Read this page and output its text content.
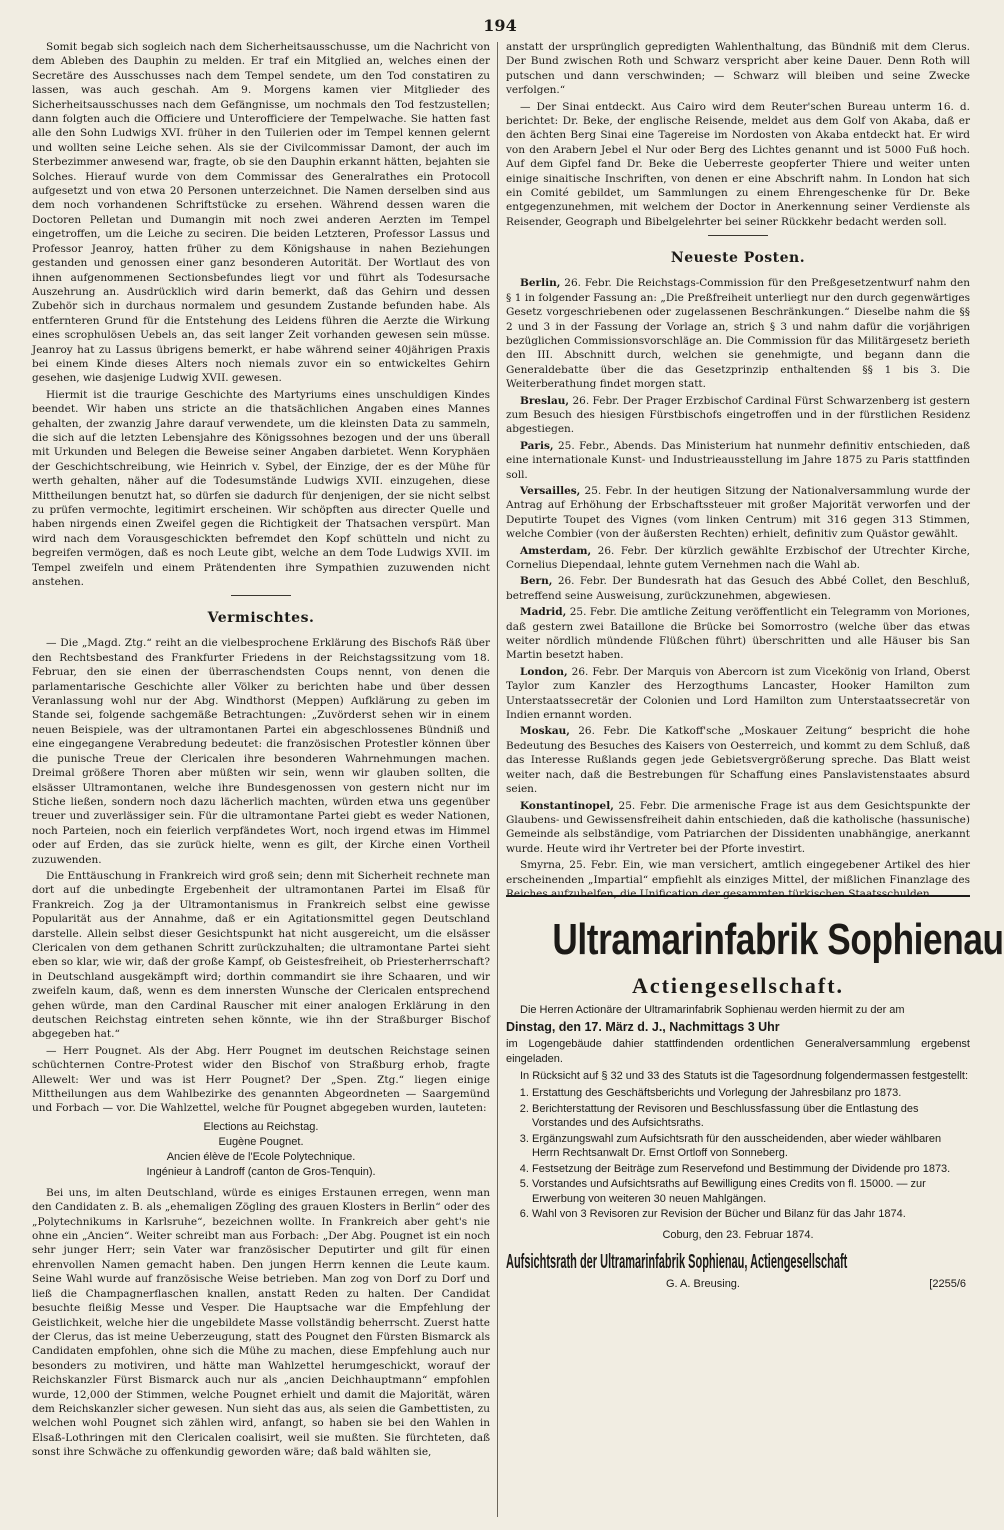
194

Somit begab sich sogleich nach dem Sicherheitsausschusse, um die Nachricht von dem Ableben des Dauphin zu melden. Er traf ein Mitglied an, welches einen der Secretäre des Ausschusses nach dem Tempel sendete, um den Tod constatiren zu lassen, was auch geschah. Am 9. Morgens kamen vier Mitglieder des Sicherheitsausschusses nach dem Gefängnisse, um nochmals den Tod festzustellen; dann folgten auch die Officiere und Unterofficiere der Tempelwache. Sie hatten fast alle den Sohn Ludwigs XVI. früher in den Tuilerien oder im Tempel kennen gelernt und wollten seine Leiche sehen. Als sie der Civilcommissar Damont, der auch im Sterbezimmer anwesend war, fragte, ob sie den Dauphin erkannt hätten, bejahten sie Solches. Hierauf wurde von dem Commissar des Generalrathes ein Protocoll aufgesetzt und von etwa 20 Personen unterzeichnet. Die Namen derselben sind aus dem noch vorhandenen Schriftstücke zu ersehen. Während dessen waren die Doctoren Pelletan und Dumangin mit noch zwei anderen Aerzten im Tempel eingetroffen, um die Leiche zu seciren. Die beiden Letzteren, Professor Lassus und Professor Jeanroy, hatten früher zu dem Königshause in nahen Beziehungen gestanden und genossen einer ganz besonderen Autorität. Der Wortlaut des von ihnen aufgenommenen Sectionsbefundes liegt vor und führt als Todesursache Auszehrung an. Ausdrücklich wird darin bemerkt, daß das Gehirn und dessen Zubehör sich in durchaus normalem und gesundem Zustande befunden habe. Als entfernteren Grund für die Entstehung des Leidens führen die Aerzte die Wirkung eines scrophulösen Uebels an, das seit langer Zeit vorhanden gewesen sein müsse. Jeanroy hat zu Lassus übrigens bemerkt, er habe während seiner 40jährigen Praxis bei einem Kinde dieses Alters noch niemals zuvor ein so entwickeltes Gehirn gesehen, wie dasjenige Ludwig XVII. gewesen.

Hiermit ist die traurige Geschichte des Martyriums eines unschuldigen Kindes beendet. Wir haben uns stricte an die thatsächlichen Angaben eines Mannes gehalten, der zwanzig Jahre darauf verwendete, um die kleinsten Data zu sammeln, die sich auf die letzten Lebensjahre des Königssohnes bezogen und der uns überall mit Urkunden und Belegen die Beweise seiner Angaben darbietet. Wenn Koryphäen der Geschichtschreibung, wie Heinrich v. Sybel, der Einzige, der es der Mühe für werth gehalten, näher auf die Todesumstände Ludwigs XVII. einzugehen, diese Mittheilungen benutzt hat, so dürfen sie dadurch für denjenigen, der sie nicht selbst zu prüfen vermochte, legitimirt erscheinen. Wir schöpften aus directer Quelle und haben nirgends einen Zweifel gegen die Richtigkeit der Thatsachen verspürt. Man wird nach dem Vorausgeschickten befremdet den Kopf schütteln und nicht zu begreifen vermögen, daß es noch Leute gibt, welche an dem Tode Ludwigs XVII. im Tempel zweifeln und einem Prätendenten ihre Sympathien zuzuwenden nicht anstehen.

Vermischtes.

— Die „Magd. Ztg.“ reiht an die vielbesprochene Erklärung des Bischofs Räß über den Rechtsbestand des Frankfurter Friedens in der Reichstagssitzung vom 18. Februar, den sie einen der überraschendsten Coups nennt, von denen die parlamentarische Geschichte aller Völker zu berichten habe und über dessen Veranlassung wohl nur der Abg. Windthorst (Meppen) Aufklärung zu geben im Stande sei, folgende sachgemäße Betrachtungen: „Zuvörderst sehen wir in einem neuen Beispiele, was der ultramontanen Partei ein abgeschlossenes Bündniß und eine eingegangene Verabredung bedeutet: die französischen Protestler können über die punische Treue der Clericalen ihre besonderen Wahrnehmungen machen. Dreimal größere Thoren aber müßten wir sein, wenn wir glauben sollten, die elsässer Ultramontanen, welche ihre Bundesgenossen von gestern nicht nur im Stiche ließen, sondern noch dazu lächerlich machten, würden etwa uns gegenüber treuer und zuverlässiger sein. Für die ultramontane Partei giebt es weder Nationen, noch Parteien, noch ein feierlich verpfändetes Wort, noch irgend etwas im Himmel oder auf Erden, das sie zurück hielte, wenn es gilt, der Kirche einen Vortheil zuzuwenden.

Die Enttäuschung in Frankreich wird groß sein; denn mit Sicherheit rechnete man dort auf die unbedingte Ergebenheit der ultramontanen Partei im Elsaß für Frankreich. Zog ja der Ultramontanismus in Frankreich selbst eine gewisse Popularität aus der Annahme, daß er ein Agitationsmittel gegen Deutschland darstelle. Allein selbst dieser Gesichtspunkt hat nicht ausgereicht, um die elsässer Clericalen von dem gethanen Schritt zurückzuhalten; die ultramontane Partei sieht eben so klar, wie wir, daß der große Kampf, ob Geistesfreiheit, ob Priesterherrschaft? in Deutschland ausgekämpft wird; dorthin commandirt sie ihre Schaaren, und wir zweifeln kaum, daß, wenn es dem innersten Wunsche der Clericalen entsprechend gehen würde, man den Cardinal Rauscher mit einer analogen Erklärung in den deutschen Reichstag eintreten sehen könnte, wie ihn der Straßburger Bischof abgegeben hat.“

— Herr Pougnet. Als der Abg. Herr Pougnet im deutschen Reichstage seinen schüchternen Contre-Protest wider den Bischof von Straßburg erhob, fragte Allewelt: Wer und was ist Herr Pougnet? Der „Spen. Ztg.“ liegen einige Mittheilungen aus dem Wahlbezirke des genannten Abgeordneten — Saargemünd und Forbach — vor. Die Wahlzettel, welche für Pougnet abgegeben wurden, lauteten:

Elections au Reichstag.

Eugène Pougnet.

Ancien élève de l'Ecole Polytechnique.

Ingénieur à Landroff (canton de Gros-Tenquin).

Bei uns, im alten Deutschland, würde es einiges Erstaunen erregen, wenn man den Candidaten z. B. als „ehemaligen Zögling des grauen Klosters in Berlin“ oder des „Polytechnikums in Karlsruhe“, bezeichnen wollte. In Frankreich aber geht's nie ohne ein „Ancien“. Weiter schreibt man aus Forbach: „Der Abg. Pougnet ist ein noch sehr junger Herr; sein Vater war französischer Deputirter und gilt für einen ehrenvollen Namen gemacht haben. Den jungen Herrn kennen die Leute kaum. Seine Wahl wurde auf französische Weise betrieben. Man zog von Dorf zu Dorf und ließ die Champagnerflaschen knallen, anstatt Reden zu halten. Der Candidat besuchte fleißig Messe und Vesper. Die Hauptsache war die Empfehlung der Geistlichkeit, welche hier die ungebildete Masse vollständig beherrscht. Zuerst hatte der Clerus, das ist meine Ueberzeugung, statt des Pougnet den Fürsten Bismarck als Candidaten empfohlen, ohne sich die Mühe zu machen, diese Empfehlung auch nur besonders zu motiviren, und hätte man Wahlzettel herumgeschickt, worauf der Reichskanzler Fürst Bismarck auch nur als „ancien Deichhauptmann“ empfohlen wurde, 12,000 der Stimmen, welche Pougnet erhielt und damit die Majorität, wären dem Reichskanzler sicher gewesen. Nun sieht das aus, als seien die Gambettisten, zu welchen wohl Pougnet sich zählen wird, anfangt, so haben sie bei den Wahlen in Elsaß-Lothringen mit den Clericalen coalisirt, weil sie mußten. Sie fürchteten, daß sonst ihre Schwäche zu offenkundig geworden wäre; daß bald wählten sie,

anstatt der ursprünglich gepredigten Wahlenthaltung, das Bündniß mit dem Clerus. Der Bund zwischen Roth und Schwarz verspricht aber keine Dauer. Denn Roth will putschen und dann verschwinden; — Schwarz will bleiben und seine Zwecke verfolgen.“

— Der Sinai entdeckt. Aus Cairo wird dem Reuter'schen Bureau unterm 16. d. berichtet: Dr. Beke, der englische Reisende, meldet aus dem Golf von Akaba, daß er den ächten Berg Sinai eine Tagereise im Nordosten von Akaba entdeckt hat. Er wird von den Arabern Jebel el Nur oder Berg des Lichtes genannt und ist 5000 Fuß hoch. Auf dem Gipfel fand Dr. Beke die Ueberreste geopferter Thiere und weiter unten einige sinaitische Inschriften, von denen er eine Abschrift nahm. In London hat sich ein Comité gebildet, um Sammlungen zu einem Ehrengeschenke für Dr. Beke entgegenzunehmen, mit welchem der Doctor in Anerkennung seiner Verdienste als Reisender, Geograph und Bibelgelehrter bei seiner Rückkehr bedacht werden soll.

Neueste Posten.

Berlin, 26. Febr. Die Reichstags-Commission für den Preßgesetzentwurf nahm den § 1 in folgender Fassung an: „Die Preßfreiheit unterliegt nur den durch gegenwärtiges Gesetz vorgeschriebenen oder zugelassenen Beschränkungen.“ Dieselbe nahm die §§ 2 und 3 in der Fassung der Vorlage an, strich § 3 und nahm dafür die vorjährigen bezüglichen Commissionsvorschläge an. Die Commission für das Militärgesetz berieth den III. Abschnitt durch, welchen sie genehmigte, und begann dann die Generaldebatte über die das Gesetzprinzip enthaltenden §§ 1 bis 3. Die Weiterberathung findet morgen statt.

Breslau, 26. Febr. Der Prager Erzbischof Cardinal Fürst Schwarzenberg ist gestern zum Besuch des hiesigen Fürstbischofs eingetroffen und in der fürstlichen Residenz abgestiegen.

Paris, 25. Febr., Abends. Das Ministerium hat nunmehr definitiv entschieden, daß eine internationale Kunst- und Industrieausstellung im Jahre 1875 zu Paris stattfinden soll.

Versailles, 25. Febr. In der heutigen Sitzung der Nationalversammlung wurde der Antrag auf Erhöhung der Erbschaftssteuer mit großer Majorität verworfen und der Deputirte Toupet des Vignes (vom linken Centrum) mit 316 gegen 313 Stimmen, welche Combier (von der äußersten Rechten) erhielt, definitiv zum Quästor gewählt.

Amsterdam, 26. Febr. Der kürzlich gewählte Erzbischof der Utrechter Kirche, Cornelius Diependaal, lehnte gutem Vernehmen nach die Wahl ab.

Bern, 26. Febr. Der Bundesrath hat das Gesuch des Abbé Collet, den Beschluß, betreffend seine Ausweisung, zurückzunehmen, abgewiesen.

Madrid, 25. Febr. Die amtliche Zeitung veröffentlicht ein Telegramm von Moriones, daß gestern zwei Bataillone die Brücke bei Somorrostro (welche über das etwas weiter nördlich mündende Flüßchen führt) überschritten und alle Häuser bis San Martin besetzt haben.

London, 26. Febr. Der Marquis von Abercorn ist zum Vicekönig von Irland, Oberst Taylor zum Kanzler des Herzogthums Lancaster, Hooker Hamilton zum Unterstaatssecretär der Colonien und Lord Hamilton zum Unterstaatssecretär von Indien ernannt worden.

Moskau, 26. Febr. Die Katkoff'sche „Moskauer Zeitung“ bespricht die hohe Bedeutung des Besuches des Kaisers von Oesterreich, und kommt zu dem Schluß, daß das Interesse Rußlands gegen jede Gebietsvergrößerung spreche. Das Blatt weist weiter nach, daß die Bestrebungen für Schaffung eines Panslavistenstaates absurd seien.

Konstantinopel, 25. Febr. Die armenische Frage ist aus dem Gesichtspunkte der Glaubens- und Gewissensfreiheit dahin entschieden, daß die katholische (hassunische) Gemeinde als selbständige, vom Patriarchen der Dissidenten unabhängige, anerkannt wurde. Heute wird ihr Vertreter bei der Pforte investirt.

Smyrna, 25. Febr. Ein, wie man versichert, amtlich eingegebener Artikel des hier erscheinenden „Impartial“ empfiehlt als einziges Mittel, der mißlichen Finanzlage des Reiches aufzuhelfen, die Unification der gesammten türkischen Staatsschulden.

Ultramarinfabrik Sophienau
Actiengesellschaft.

Die Herren Actionäre der Ultramarinfabrik Sophienau werden hiermit zu der am

Dinstag, den 17. März d. J., Nachmittags 3 Uhr

im Logengebäude dahier stattfindenden ordentlichen Generalversammlung ergebenst eingeladen.

In Rücksicht auf § 32 und 33 des Statuts ist die Tagesordnung folgendermassen festgestellt:

1. Erstattung des Geschäftsberichts und Vorlegung der Jahresbilanz pro 1873.
2. Berichterstattung der Revisoren und Beschlussfassung über die Entlastung des Vorstandes und des Aufsichtsraths.
3. Ergänzungswahl zum Aufsichtsrath für den ausscheidenden, aber wieder wählbaren Herrn Rechtsanwalt Dr. Ernst Ortloff von Sonneberg.
4. Festsetzung der Beiträge zum Reservefond und Bestimmung der Dividende pro 1873.
5. Vorstandes und Aufsichtsraths auf Bewilligung eines Credits von fl. 15000. — zur Erwerbung von weiteren 30 neuen Mahlgängen.
6. Wahl von 3 Revisoren zur Revision der Bücher und Bilanz für das Jahr 1874.

Coburg, den 23. Februar 1874.

Aufsichtsrath der Ultramarinfabrik Sophienau, Actiengesellschaft
G. A. Breusing.	[2255/6
